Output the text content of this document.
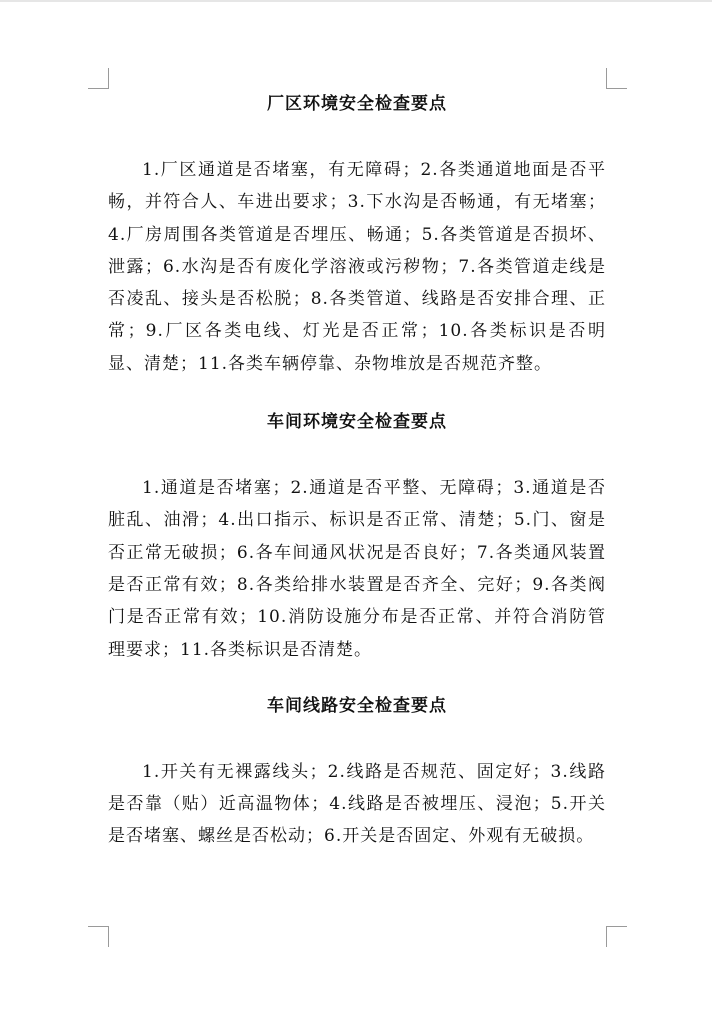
厂区环境安全检查要点

1.厂区通道是否堵塞，有无障碍；2.各类通道地面是否平畅，并符合人、车进出要求；3.下水沟是否畅通，有无堵塞；4.厂房周围各类管道是否埋压、畅通；5.各类管道是否损坏、泄露；6.水沟是否有废化学溶液或污秽物；7.各类管道走线是否凌乱、接头是否松脱；8.各类管道、线路是否安排合理、正常；9.厂区各类电线、灯光是否正常；10.各类标识是否明显、清楚；11.各类车辆停靠、杂物堆放是否规范齐整。

车间环境安全检查要点

1.通道是否堵塞；2.通道是否平整、无障碍；3.通道是否脏乱、油滑；4.出口指示、标识是否正常、清楚；5.门、窗是否正常无破损；6.各车间通风状况是否良好；7.各类通风装置是否正常有效；8.各类给排水装置是否齐全、完好；9.各类阀门是否正常有效；10.消防设施分布是否正常、并符合消防管理要求；11.各类标识是否清楚。

车间线路安全检查要点

1.开关有无裸露线头；2.线路是否规范、固定好；3.线路是否靠（贴）近高温物体；4.线路是否被埋压、浸泡；5.开关是否堵塞、螺丝是否松动；6.开关是否固定、外观有无破损。
